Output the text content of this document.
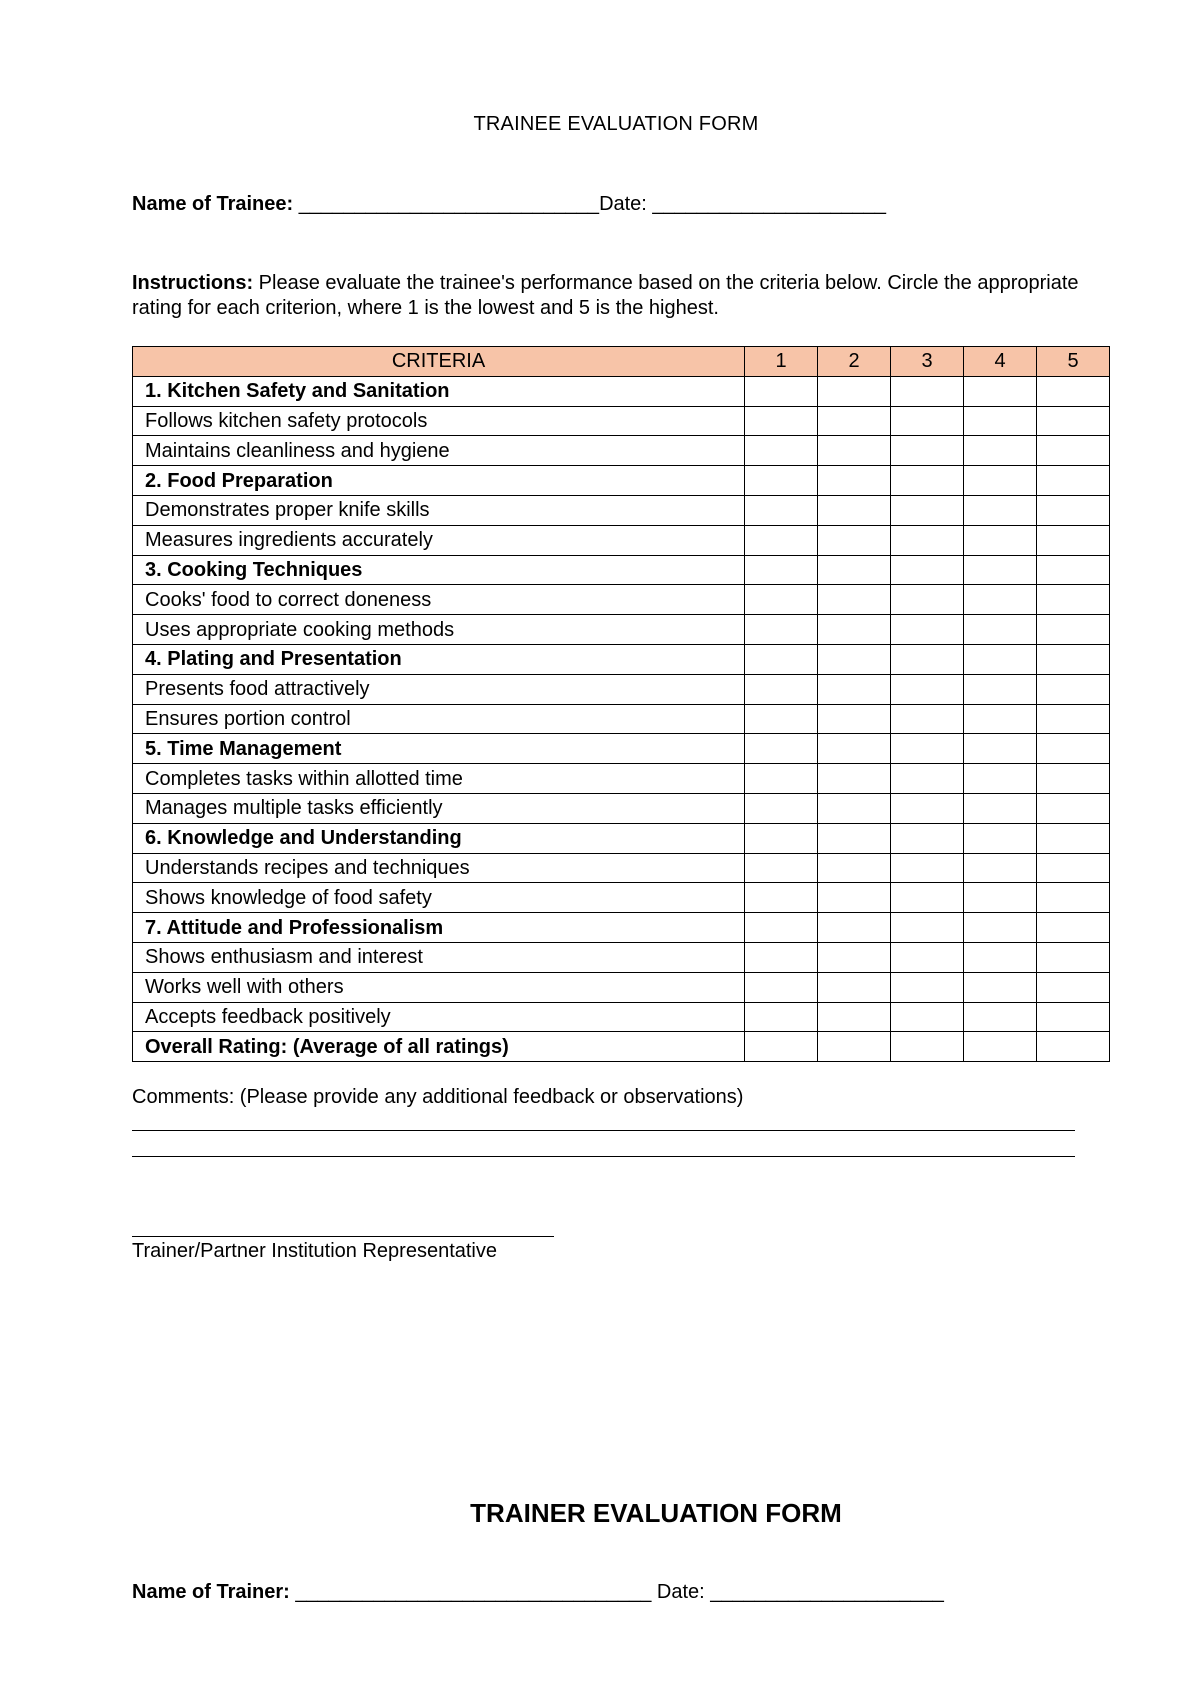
TRAINEE EVALUATION FORM
Name of Trainee: ___________________________Date: _____________________
Instructions: Please evaluate the trainee's performance based on the criteria below. Circle the appropriate rating for each criterion, where 1 is the lowest and 5 is the highest.
CRITERIA	1	2	3	4	5
1. Kitchen Safety and Sanitation					
Follows kitchen safety protocols					
Maintains cleanliness and hygiene					
2. Food Preparation					
Demonstrates proper knife skills					
Measures ingredients accurately					
3. Cooking Techniques					
Cooks' food to correct doneness					
Uses appropriate cooking methods					
4. Plating and Presentation					
Presents food attractively					
Ensures portion control					
5. Time Management					
Completes tasks within allotted time					
Manages multiple tasks efficiently					
6. Knowledge and Understanding					
Understands recipes and techniques					
Shows knowledge of food safety					
7. Attitude and Professionalism					
Shows enthusiasm and interest					
Works well with others					
Accepts feedback positively					
Overall Rating: (Average of all ratings)					
Comments: (Please provide any additional feedback or observations)
Trainer/Partner Institution Representative
TRAINER EVALUATION FORM
Name of Trainer: ________________________________ Date: _____________________
